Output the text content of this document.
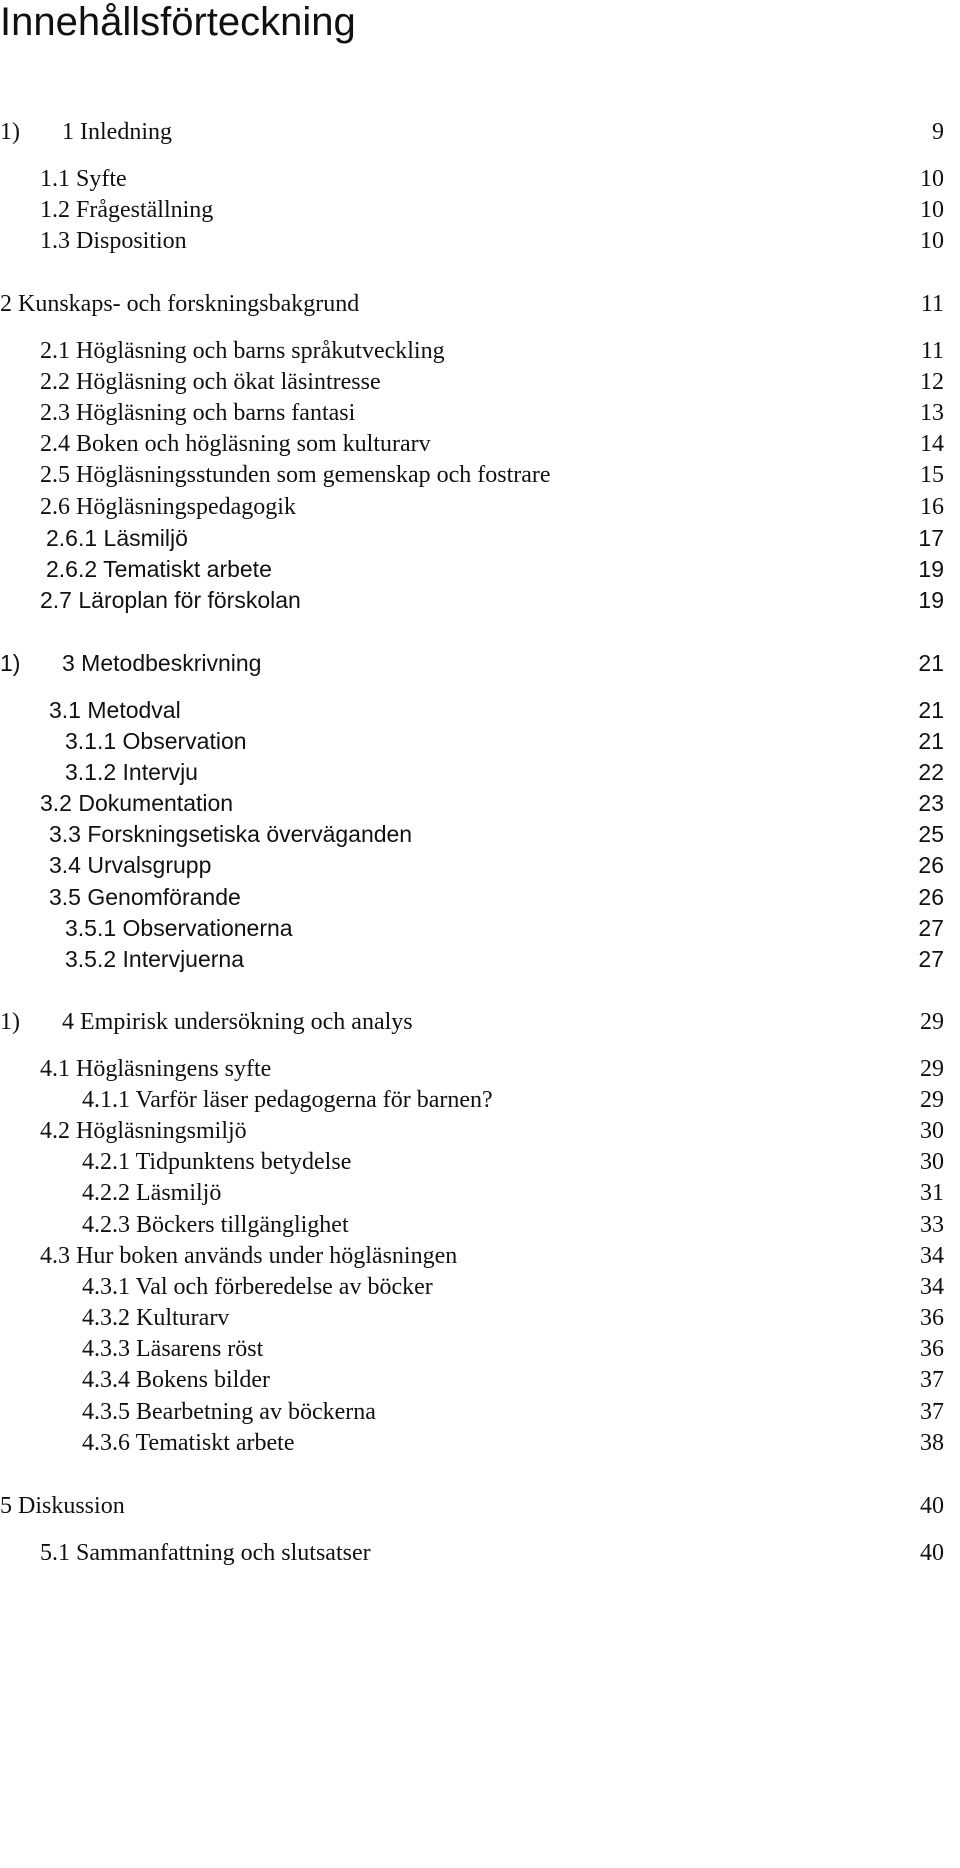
Innehållsförteckning
1) 1 Inledning	9
1.1 Syfte	10
1.2 Frågeställning	10
1.3 Disposition	10
2 Kunskaps- och forskningsbakgrund	11
2.1 Högläsning och barns språkutveckling	11
2.2 Högläsning och ökat läsintresse	12
2.3 Högläsning och barns fantasi	13
2.4 Boken och högläsning som kulturarv	14
2.5 Högläsningsstunden som gemenskap och fostrare	15
2.6 Högläsningspedagogik	16
2.6.1 Läsmiljö	17
2.6.2 Tematiskt arbete	19
2.7 Läroplan för förskolan	19
1) 3 Metodbeskrivning	21
3.1 Metodval	21
3.1.1 Observation	21
3.1.2 Intervju	22
3.2 Dokumentation	23
3.3 Forskningsetiska överväganden	25
3.4 Urvalsgrupp	26
3.5 Genomförande	26
3.5.1 Observationerna	27
3.5.2 Intervjuerna	27
1) 4 Empirisk undersökning och analys	29
4.1 Högläsningens syfte	29
4.1.1 Varför läser pedagogerna för barnen?	29
4.2 Högläsningsmiljö	30
4.2.1 Tidpunktens betydelse	30
4.2.2 Läsmiljö	31
4.2.3 Böckers tillgänglighet	33
4.3 Hur boken används under högläsningen	34
4.3.1 Val och förberedelse av böcker	34
4.3.2 Kulturarv	36
4.3.3 Läsarens röst	36
4.3.4 Bokens bilder	37
4.3.5 Bearbetning av böckerna	37
4.3.6 Tematiskt arbete	38
5 Diskussion	40
5.1 Sammanfattning och slutsatser	40
